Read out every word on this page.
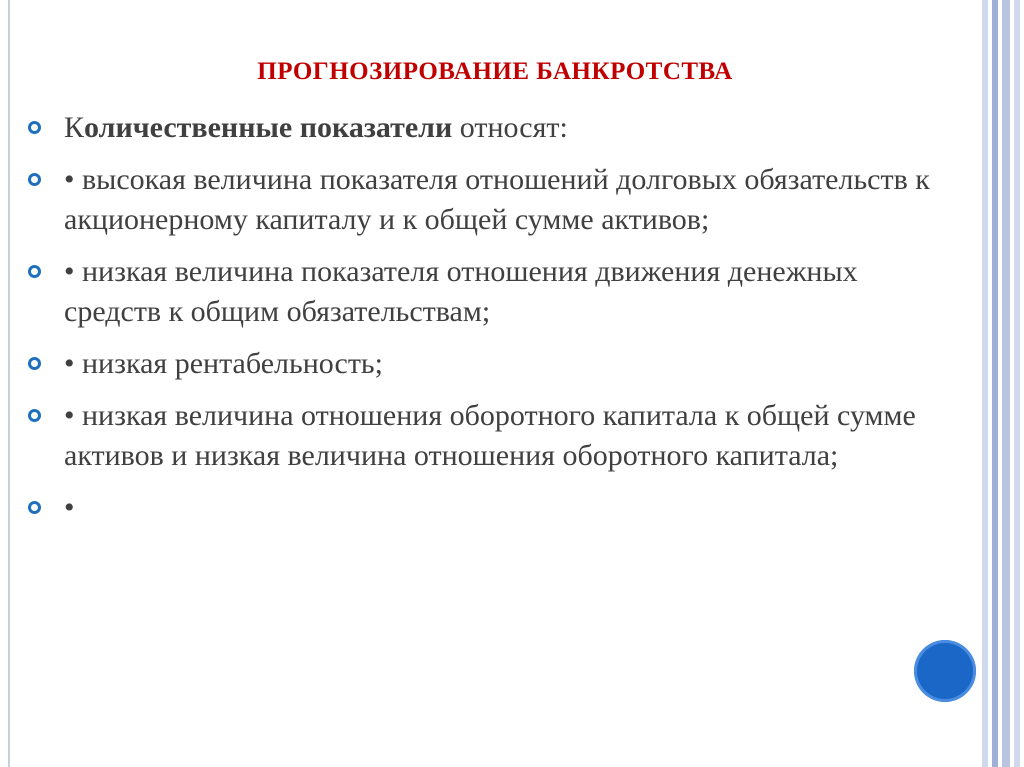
ПРОГНОЗИРОВАНИЕ БАНКРОТСТВА
Количественные показатели относят:
• высокая величина показателя отношений долговых обязательств к акционерному капиталу и к общей сумме активов;
• низкая величина показателя отношения движения денежных средств к общим обязательствам;
• низкая рентабельность;
• низкая величина отношения оборотного капитала к общей сумме активов и низкая величина отношения оборотного капитала;
•
